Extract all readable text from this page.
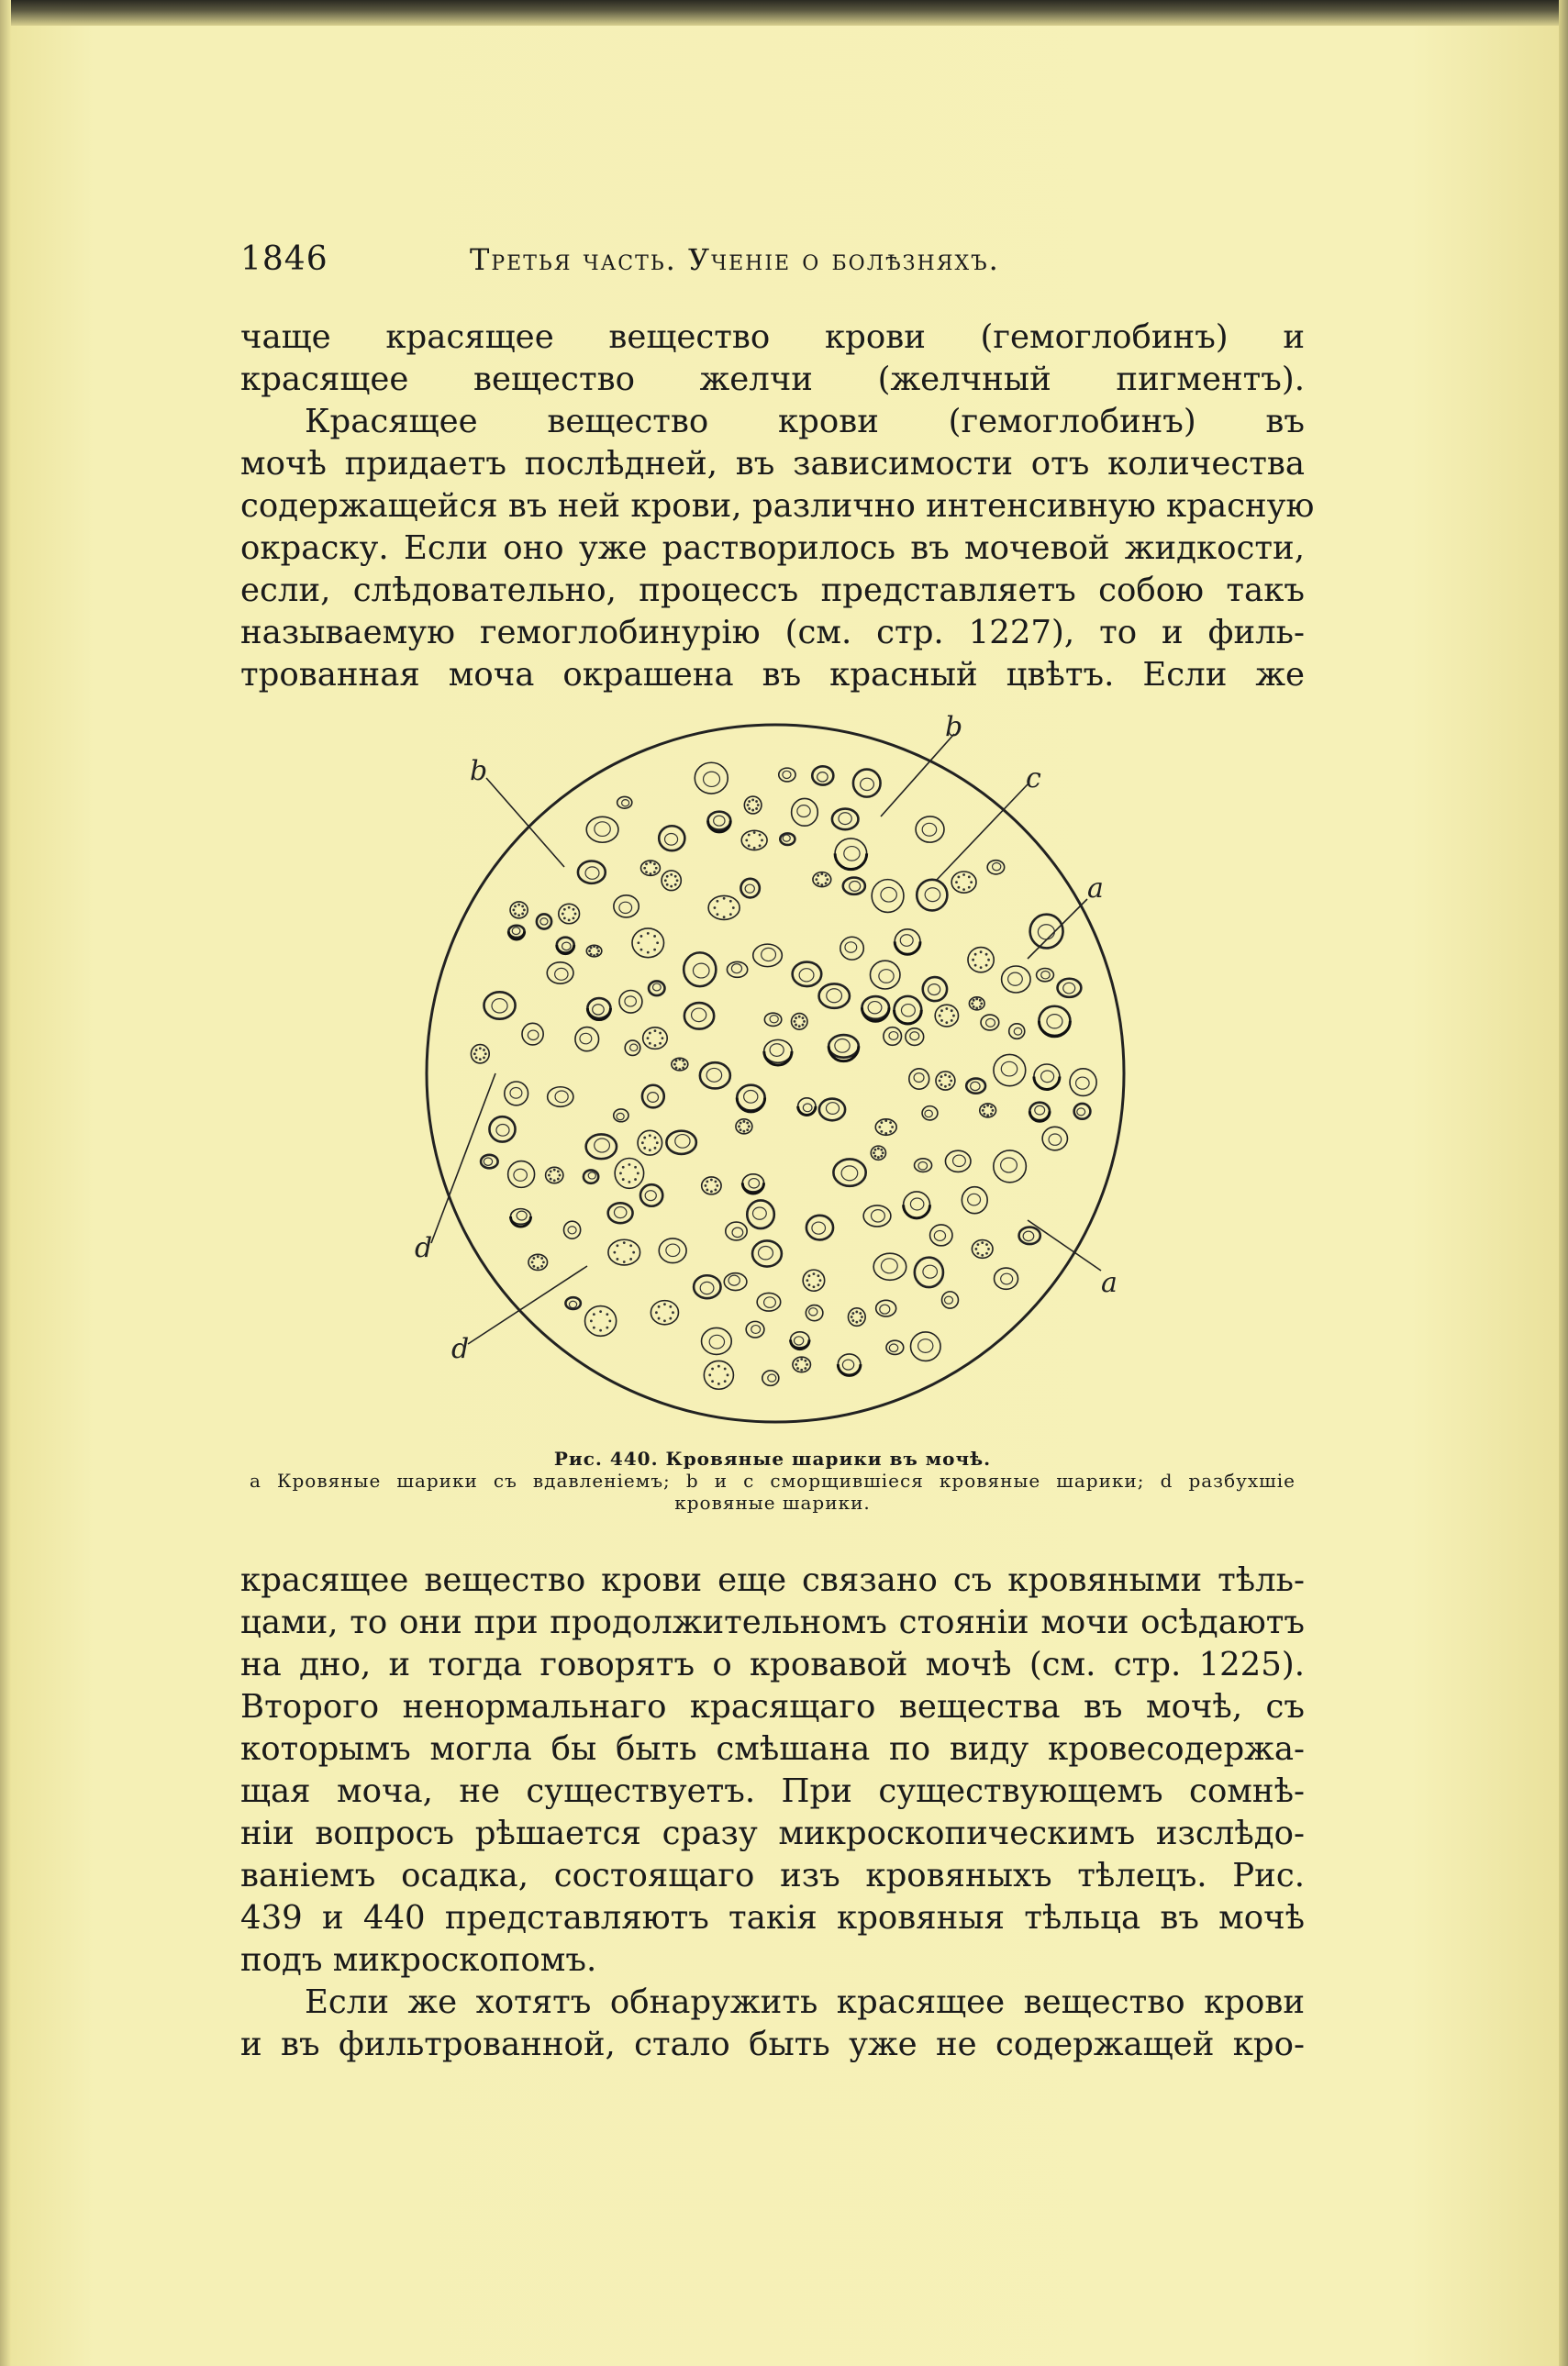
1846	Третья часть. Ученіе о болѣзняхъ.
чаще красящее вещество крови (гемоглобинъ) и
красящее вещество желчи (желчный пигментъ).
Красящее вещество крови (гемоглобинъ) въ
мочѣ придаетъ послѣдней, въ зависимости отъ количества
содержащейся въ ней крови, различно интенсивную красную
окраску. Если оно уже растворилось въ мочевой жидкости,
если, слѣдовательно, процессъ представляетъ собою такъ
называемую гемоглобинурію (см. стр. 1227), то и филь-
трованная моча окрашена въ красный цвѣтъ. Если же
b
b
c
a
a
d
d
Рис. 440. Кровяные шарики въ мочѣ.
a Кровяные шарики съ вдавленіемъ; b и c сморщившіеся кровяные шарики; d разбухшіе кровяные шарики.
красящее вещество крови еще связано съ кровяными тѣль-
цами, то они при продолжительномъ стояніи мочи осѣдаютъ
на дно, и тогда говорятъ о кровавой мочѣ (см. стр. 1225).
Второго ненормальнаго красящаго вещества въ мочѣ, съ
которымъ могла бы быть смѣшана по виду кровесодержа-
щая моча, не существуетъ. При существующемъ сомнѣ-
ніи вопросъ рѣшается сразу микроскопическимъ изслѣдо-
ваніемъ осадка, состоящаго изъ кровяныхъ тѣлецъ. Рис.
439 и 440 представляютъ такія кровяныя тѣльца въ мочѣ
подъ микроскопомъ.
Если же хотятъ обнаружить красящее вещество крови
и въ фильтрованной, стало быть уже не содержащей кро-
